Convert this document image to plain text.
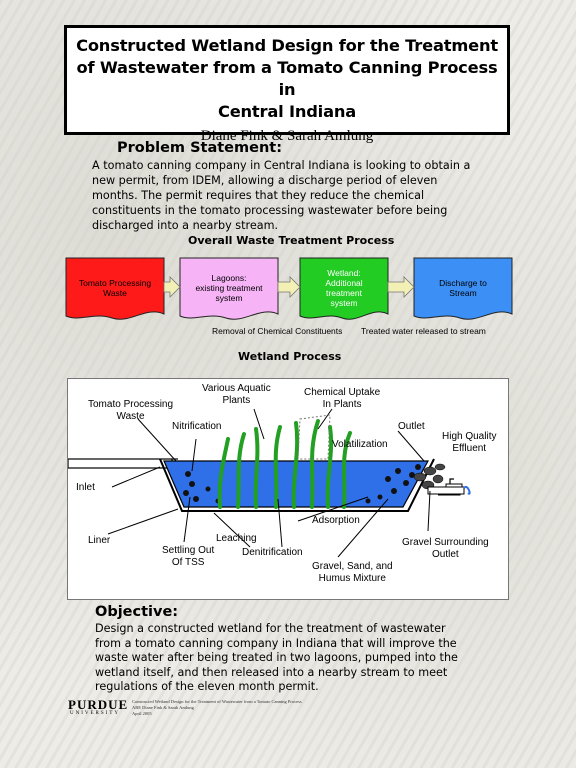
Constructed Wetland Design for the Treatment
of Wastewater from a Tomato Canning Process in
Central Indiana
Diane Fink & Sarah Amlung
Problem Statement:
A tomato canning company in Central Indiana is looking to obtain a
new permit, from IDEM, allowing a discharge period of eleven
months. The permit requires that they reduce the chemical
constituents in the tomato processing wastewater before being
discharged into a nearby stream.
Overall Waste Treatment Process
Tomato Processing
Waste
Lagoons:
existing treatment
system
Wetland:
Additional
treatment
system
Discharge to
Stream
Removal of Chemical Constituents Treated water released to stream
Wetland Process
Tomato Processing
Waste
Various Aquatic
Plants
Chemical Uptake
In Plants
Nitrification	Outlet
Volatilization
High Quality
Effluent
Inlet
Adsorption
Liner	Leaching	Gravel Surrounding
Outlet
Settling Out
Of TSS
Denitrification
Gravel, Sand, and
Humus Mixture
Objective:
Design a constructed wetland for the treatment of wastewater
from a tomato canning company in Indiana that will improve the
waste water after being treated in two lagoons, pumped into the
wetland itself, and then released into a nearby stream to meet
regulations of the eleven month permit.
PURDUE
UNIVERSITY
Constructed Wetland Design for the Treatment of Wastewater from a Tomato Canning Process
ABE Diane Fink & Sarah Amlung
April 2005
